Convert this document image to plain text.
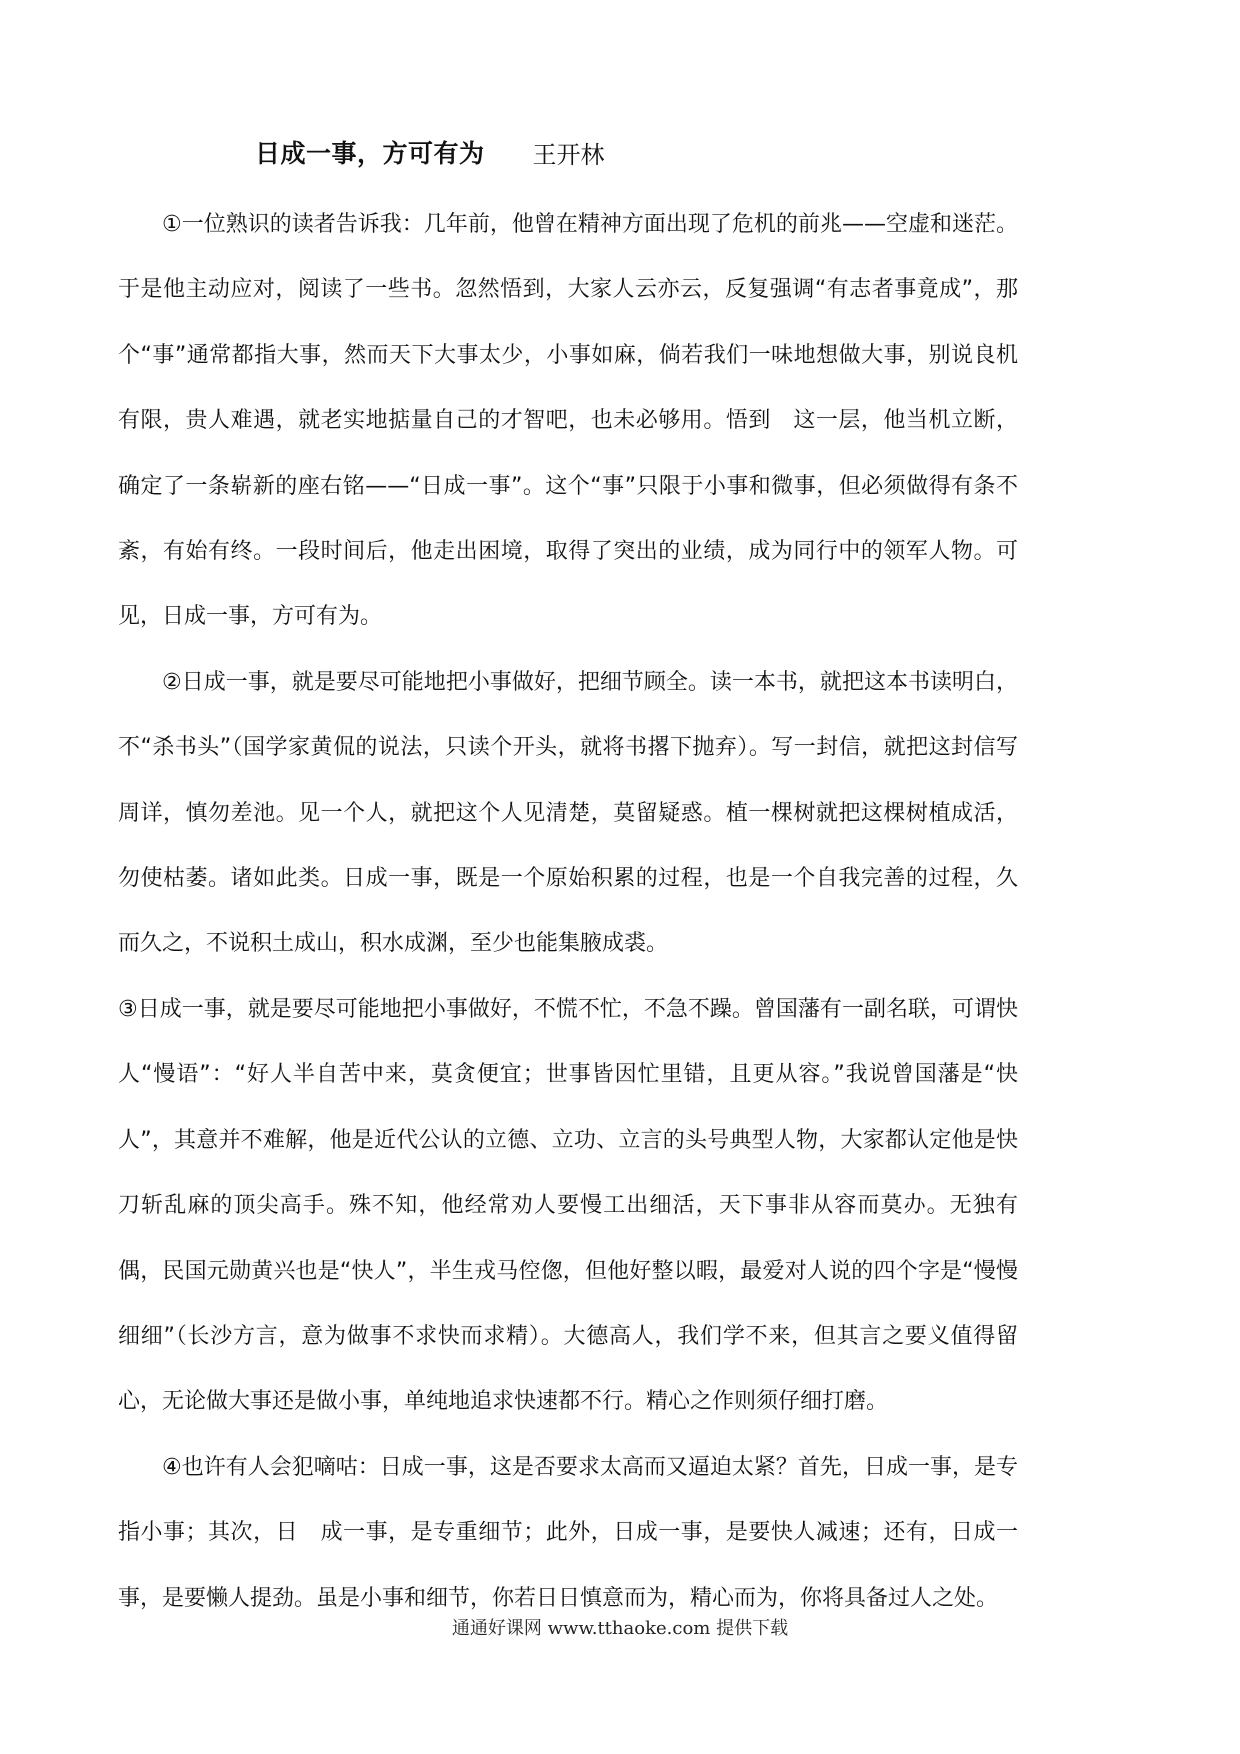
日成一事，方可有为 王开林

①一位熟识的读者告诉我：几年前，他曾在精神方面出现了危机的前兆——空虚和迷茫。于是他主动应对，阅读了一些书。忽然悟到，大家人云亦云，反复强调“有志者事竟成”，那个“事”通常都指大事，然而天下大事太少，小事如麻，倘若我们一味地想做大事，别说良机有限，贵人难遇，就老实地掂量自己的才智吧，也未必够用。悟到　这一层，他当机立断，确定了一条崭新的座右铭——“日成一事”。这个“事”只限于小事和微事，但必须做得有条不紊，有始有终。一段时间后，他走出困境，取得了突出的业绩，成为同行中的领军人物。可见，日成一事，方可有为。

②日成一事，就是要尽可能地把小事做好，把细节顾全。读一本书，就把这本书读明白，不“杀书头”（国学家黄侃的说法，只读个开头，就将书撂下抛弃）。写一封信，就把这封信写周详，慎勿差池。见一个人，就把这个人见清楚，莫留疑惑。植一棵树就把这棵树植成活，勿使枯萎。诸如此类。日成一事，既是一个原始积累的过程，也是一个自我完善的过程，久而久之，不说积土成山，积水成渊，至少也能集腋成裘。

③日成一事，就是要尽可能地把小事做好，不慌不忙，不急不躁。曾国藩有一副名联，可谓快人“慢语”：“好人半自苦中来，莫贪便宜；世事皆因忙里错，且更从容。”我说曾国藩是“快人”，其意并不难解，他是近代公认的立德、立功、立言的头号典型人物，大家都认定他是快刀斩乱麻的顶尖高手。殊不知，他经常劝人要慢工出细活，天下事非从容而莫办。无独有偶，民国元勋黄兴也是“快人”，半生戎马倥偬，但他好整以暇，最爱对人说的四个字是“慢慢细细”（长沙方言，意为做事不求快而求精）。大德高人，我们学不来，但其言之要义值得留心，无论做大事还是做小事，单纯地追求快速都不行。精心之作则须仔细打磨。

④也许有人会犯嘀咕：日成一事，这是否要求太高而又逼迫太紧？首先，日成一事，是专指小事；其次，日　成一事，是专重细节；此外，日成一事，是要快人减速；还有，日成一事，是要懒人提劲。虽是小事和细节，你若日日慎意而为，精心而为，你将具备过人之处。

通通好课网 www.tthaoke.com 提供下载
